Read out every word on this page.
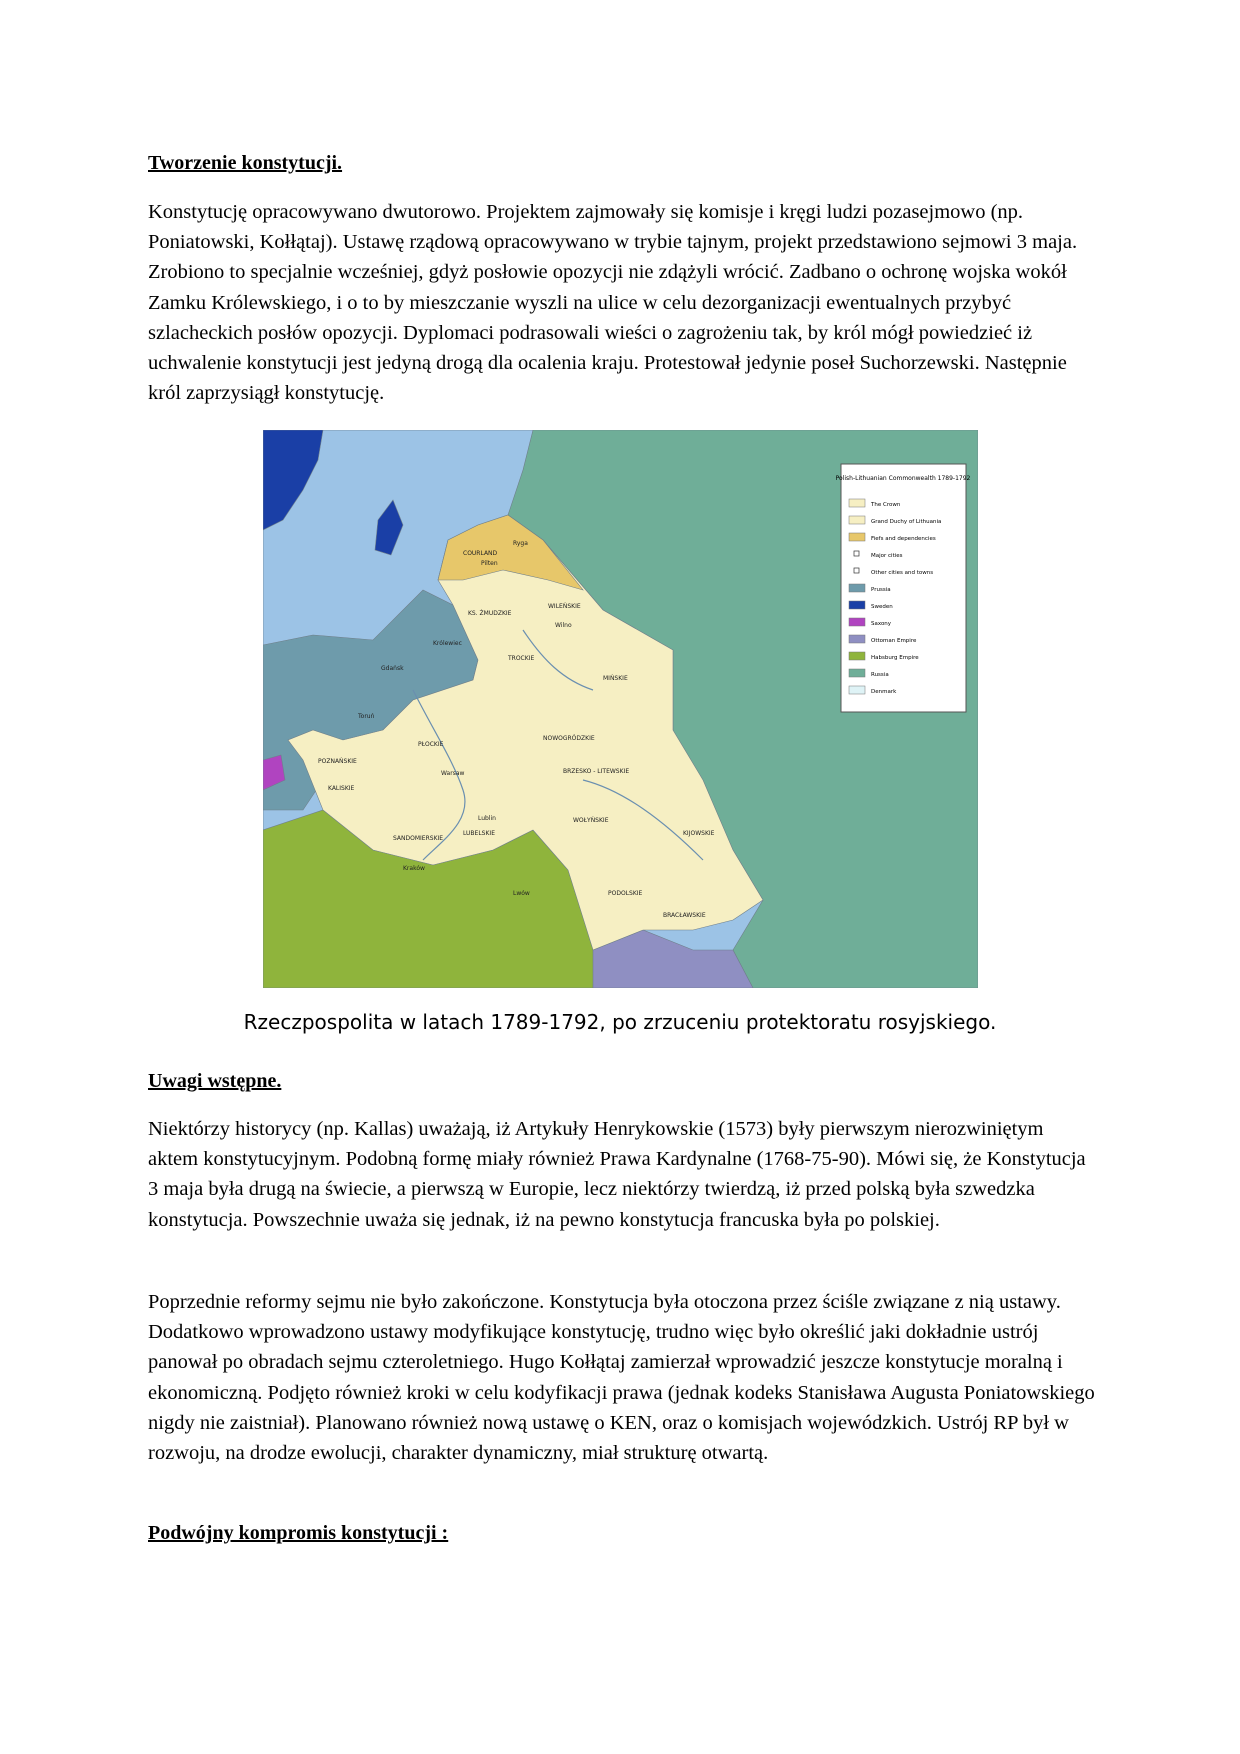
Tworzenie konstytucji.

Konstytucję opracowywano dwutorowo. Projektem zajmowały się komisje i kręgi ludzi pozasejmowo (np. Poniatowski, Kołłątaj). Ustawę rządową opracowywano w trybie tajnym, projekt przedstawiono sejmowi 3 maja. Zrobiono to specjalnie wcześniej, gdyż posłowie opozycji nie zdążyli wrócić. Zadbano o ochronę wojska wokół Zamku Królewskiego, i o to by mieszczanie wyszli na ulice w celu dezorganizacji ewentualnych przybyć szlacheckich posłów opozycji. Dyplomaci podrasowali wieści o zagrożeniu tak, by król mógł powiedzieć iż uchwalenie konstytucji jest jedyną drogą dla ocalenia kraju. Protestował jedynie poseł Suchorzewski. Następnie król zaprzysiągł konstytucję.

Polish-Lithuanian Commonwealth 1789-1792
The Crown
Grand Duchy of Lithuania
Fiefs and dependencies
Major cities
Other cities and towns
Prussia
Sweden
Saxony
Ottoman Empire
Habsburg Empire
Russia
Denmark
Ryga
COURLAND
Pilten
KS. ŻMUDZKIE
WILEŃSKIE
Wilno
TROCKIE
MIŃSKIE
NOWOGRÓDZKIE
BRZESKO - LITEWSKIE
WOŁYŃSKIE
KIJOWSKIE
PODOLSKIE
BRACŁAWSKIE
PŁOCKIE
Warsaw
Lublin
LUBELSKIE
Kraków
SANDOMIERSKIE
POZNAŃSKIE
KALISKIE
Lwów
Gdańsk
Toruń
Królewiec

Rzeczpospolita w latach 1789-1792, po zrzuceniu protektoratu rosyjskiego.

Uwagi wstępne.

Niektórzy historycy (np. Kallas) uważają, iż Artykuły Henrykowskie (1573) były pierwszym nierozwiniętym aktem konstytucyjnym. Podobną formę miały również Prawa Kardynalne (1768-75-90). Mówi się, że Konstytucja 3 maja była drugą na świecie, a pierwszą w Europie, lecz niektórzy twierdzą, iż przed polską była szwedzka konstytucja. Powszechnie uważa się jednak, iż na pewno konstytucja francuska była po polskiej.

Poprzednie reformy sejmu nie było zakończone. Konstytucja była otoczona przez ściśle związane z nią ustawy. Dodatkowo wprowadzono ustawy modyfikujące konstytucję, trudno więc było określić jaki dokładnie ustrój panował po obradach sejmu czteroletniego. Hugo Kołłątaj zamierzał wprowadzić jeszcze konstytucje moralną i ekonomiczną. Podjęto również kroki w celu kodyfikacji prawa (jednak kodeks Stanisława Augusta Poniatowskiego nigdy nie zaistniał). Planowano również nową ustawę o KEN, oraz o komisjach wojewódzkich. Ustrój RP był w rozwoju, na drodze ewolucji, charakter dynamiczny, miał strukturę otwartą.

Podwójny kompromis konstytucji :
